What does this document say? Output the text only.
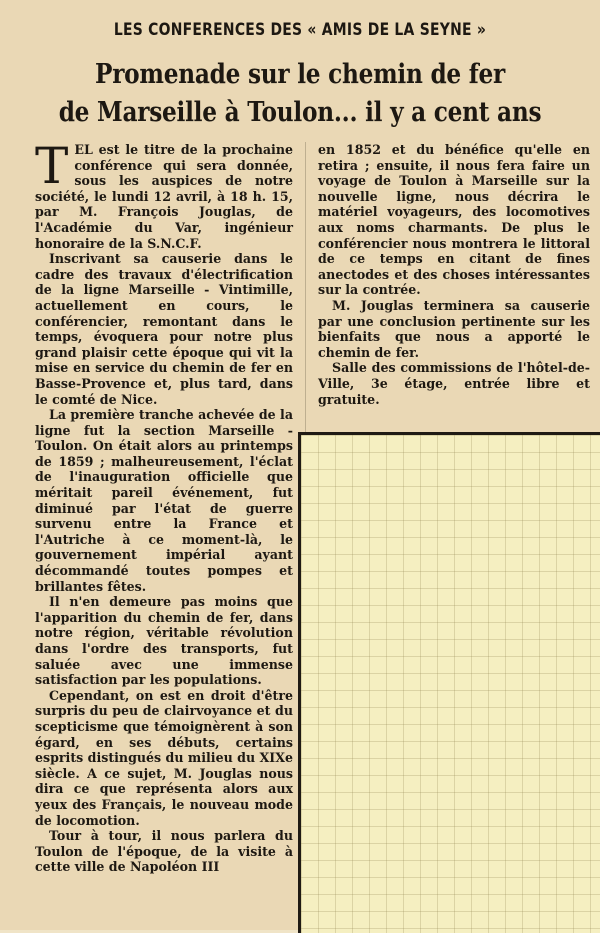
LES CONFERENCES DES « AMIS DE LA SEYNE »
Promenade sur le chemin de fer
de Marseille à Toulon... il y a cent ans

TEL est le titre de la prochaine conférence qui sera donnée, sous les auspices de notre société, le lundi 12 avril, à 18 h. 15, par M. François Jouglas, de l'Académie du Var, ingénieur honoraire de la S.N.C.F.

Inscrivant sa causerie dans le cadre des travaux d'électrification de la ligne Marseille - Vintimille, actuellement en cours, le conférencier, remontant dans le temps, évoquera pour notre plus grand plaisir cette époque qui vit la mise en service du chemin de fer en Basse-Provence et, plus tard, dans le comté de Nice.

La première tranche achevée de la ligne fut la section Marseille - Toulon. On était alors au printemps de 1859 ; malheureusement, l'éclat de l'inauguration officielle que méritait pareil événement, fut diminué par l'état de guerre survenu entre la France et l'Autriche à ce moment-là, le gouvernement impérial ayant décommandé toutes pompes et brillantes fêtes.

Il n'en demeure pas moins que l'apparition du chemin de fer, dans notre région, véritable révolution dans l'ordre des transports, fut saluée avec une immense satisfaction par les populations.

Cependant, on est en droit d'être surpris du peu de clairvoyance et du scepticisme que témoignèrent à son égard, en ses débuts, certains esprits distingués du milieu du XIXe siècle. A ce sujet, M. Jouglas nous dira ce que représenta alors aux yeux des Français, le nouveau mode de locomotion.

Tour à tour, il nous parlera du Toulon de l'époque, de la visite à cette ville de Napoléon III

en 1852 et du bénéfice qu'elle en retira ; ensuite, il nous fera faire un voyage de Toulon à Marseille sur la nouvelle ligne, nous décrira le matériel voyageurs, des locomotives aux noms charmants. De plus le conférencier nous montrera le littoral de ce temps en citant de fines anectodes et des choses intéressantes sur la contrée.

M. Jouglas terminera sa causerie par une conclusion pertinente sur les bienfaits que nous a apporté le chemin de fer.

Salle des commissions de l'hôtel-de-Ville, 3e étage, entrée libre et gratuite.
